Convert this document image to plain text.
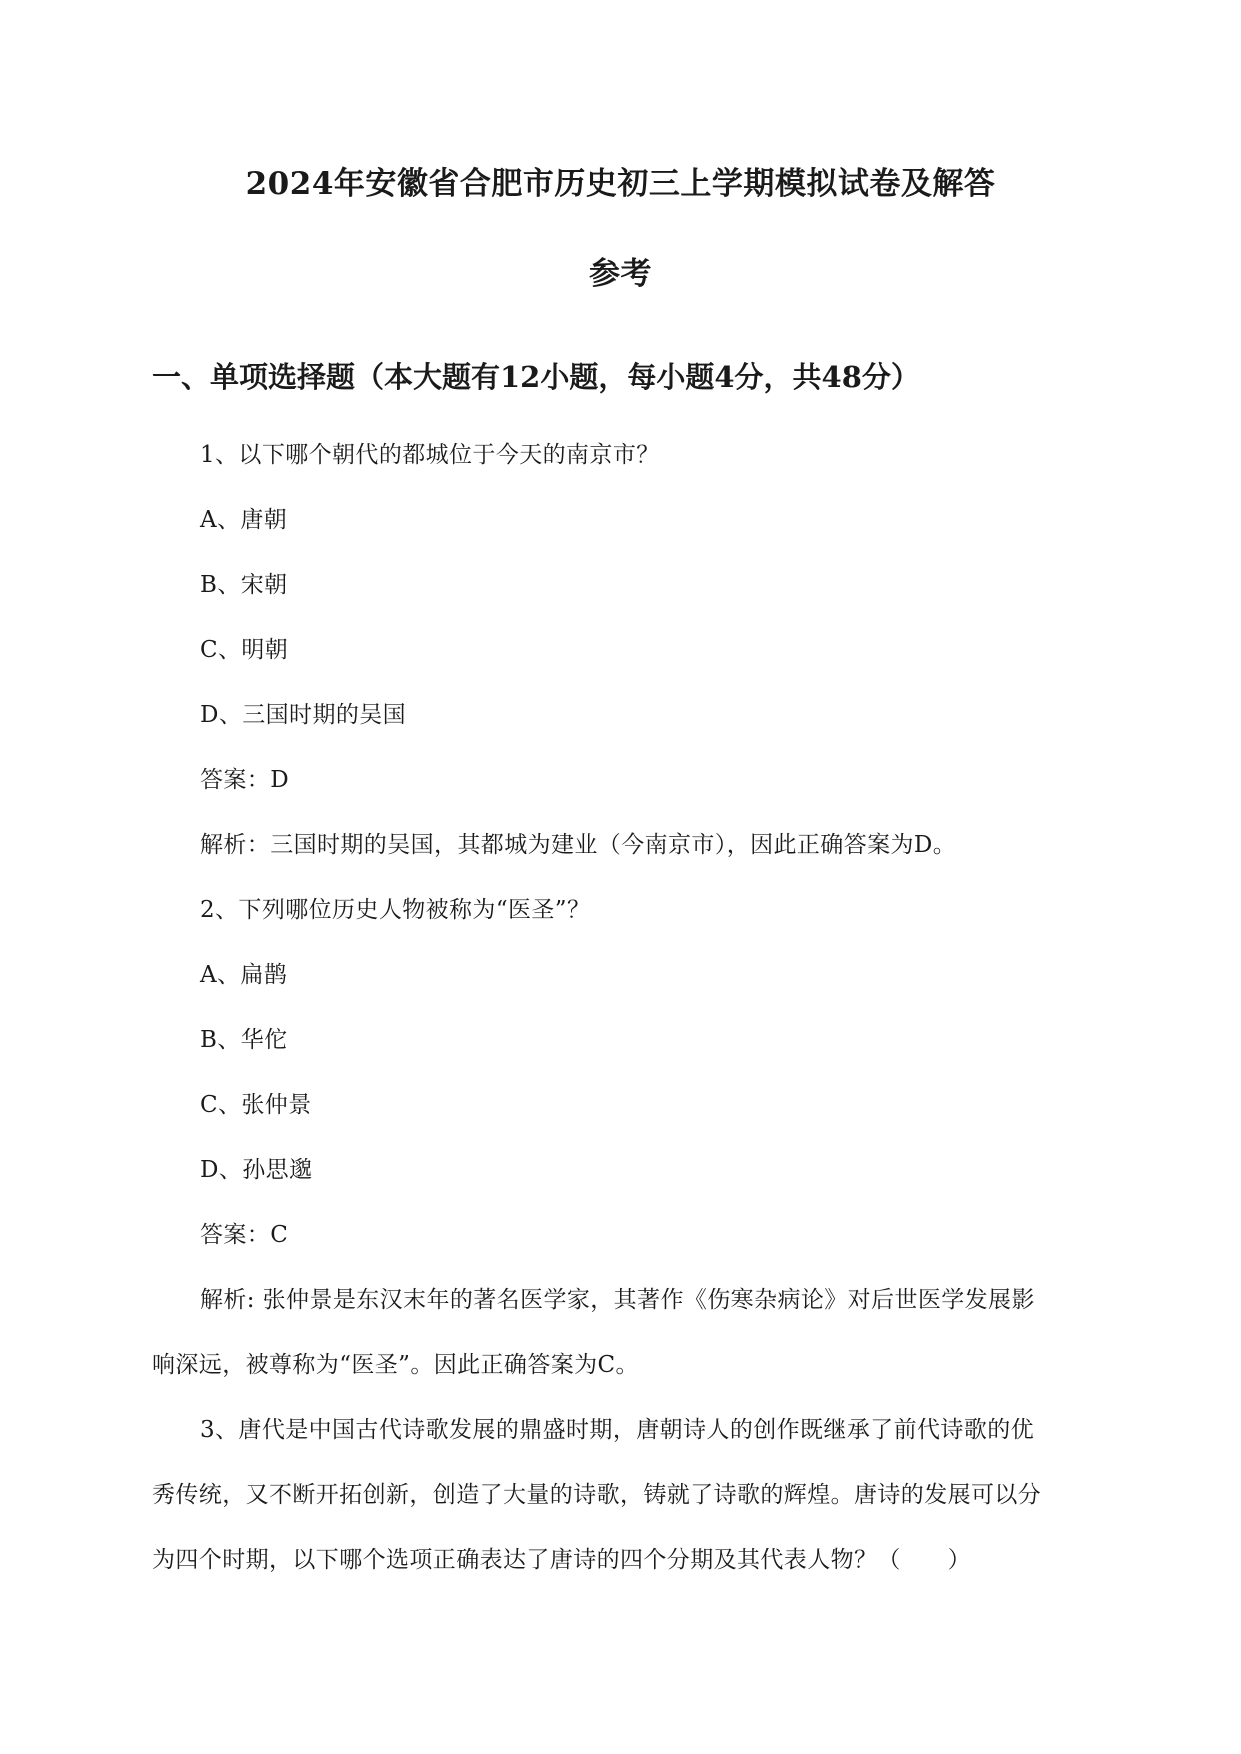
2024年安徽省合肥市历史初三上学期模拟试卷及解答
参考
一、单项选择题（本大题有12小题，每小题4分，共48分）
1、以下哪个朝代的都城位于今天的南京市？
A、唐朝
B、宋朝
C、明朝
D、三国时期的吴国
答案：D
解析：三国时期的吴国，其都城为建业（今南京市），因此正确答案为D。
2、下列哪位历史人物被称为“医圣”？
A、扁鹊
B、华佗
C、张仲景
D、孙思邈
答案：C
解析: 张仲景是东汉末年的著名医学家，其著作《伤寒杂病论》对后世医学发展影
响深远，被尊称为“医圣”。因此正确答案为C。
3、唐代是中国古代诗歌发展的鼎盛时期，唐朝诗人的创作既继承了前代诗歌的优
秀传统，又不断开拓创新，创造了大量的诗歌，铸就了诗歌的辉煌。唐诗的发展可以分
为四个时期，以下哪个选项正确表达了唐诗的四个分期及其代表人物？（　　）
